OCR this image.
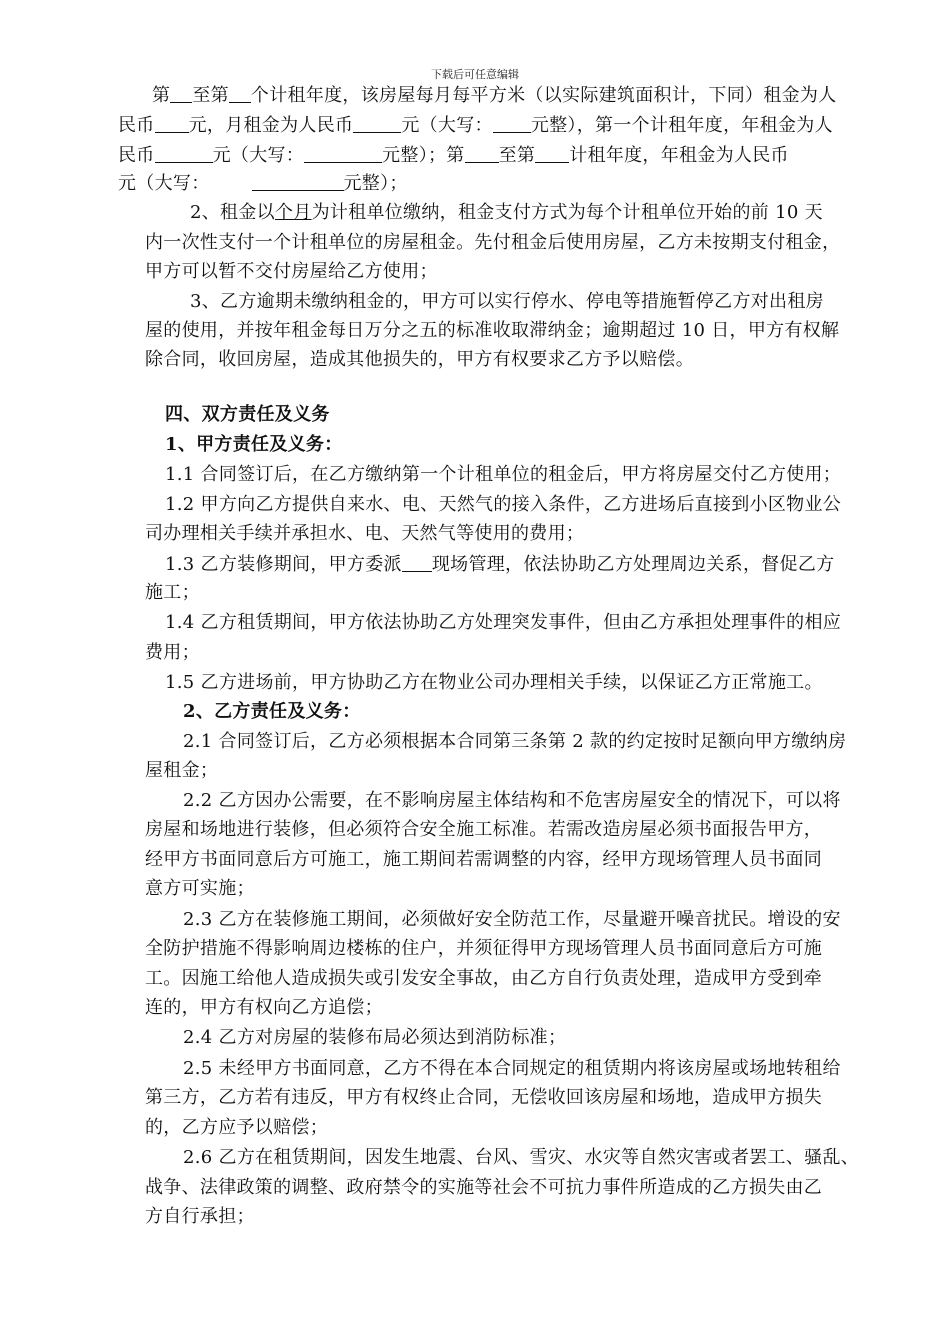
下载后可任意编辑
第 至第 个计租年度，该房屋每月每平方米（以实际建筑面积计，下同）租金为人
民币 元，月租金为人民币	元（大写： 元整），第一个计租年度，年租金为人
民币	元（大写：	元整）；第 至第 计租年度，年租金为人民币
元（大写：	元整）；
2、租金以个月为计租单位缴纳，租金支付方式为每个计租单位开始的前 10 天
内一次性支付一个计租单位的房屋租金。先付租金后使用房屋，乙方未按期支付租金，
甲方可以暂不交付房屋给乙方使用；
3、乙方逾期未缴纳租金的，甲方可以实行停水、停电等措施暂停乙方对出租房
屋的使用，并按年租金每日万分之五的标准收取滞纳金；逾期超过 10 日，甲方有权解
除合同，收回房屋，造成其他损失的，甲方有权要求乙方予以赔偿。
四、双方责任及义务
1、甲方责任及义务：
1.1 合同签订后，在乙方缴纳第一个计租单位的租金后，甲方将房屋交付乙方使用；
1.2 甲方向乙方提供自来水、电、天然气的接入条件，乙方进场后直接到小区物业公
司办理相关手续并承担水、电、天然气等使用的费用；
1.3 乙方装修期间，甲方委派 现场管理，依法协助乙方处理周边关系，督促乙方
施工；
1.4 乙方租赁期间，甲方依法协助乙方处理突发事件，但由乙方承担处理事件的相应
费用；
1.5 乙方进场前，甲方协助乙方在物业公司办理相关手续，以保证乙方正常施工。
2、乙方责任及义务：
2.1 合同签订后，乙方必须根据本合同第三条第 2 款的约定按时足额向甲方缴纳房
屋租金；
2.2 乙方因办公需要，在不影响房屋主体结构和不危害房屋安全的情况下，可以将
房屋和场地进行装修，但必须符合安全施工标准。若需改造房屋必须书面报告甲方，
经甲方书面同意后方可施工，施工期间若需调整的内容，经甲方现场管理人员书面同
意方可实施；
2.3 乙方在装修施工期间，必须做好安全防范工作，尽量避开噪音扰民。增设的安
全防护措施不得影响周边楼栋的住户，并须征得甲方现场管理人员书面同意后方可施
工。因施工给他人造成损失或引发安全事故，由乙方自行负责处理，造成甲方受到牵
连的，甲方有权向乙方追偿；
2.4 乙方对房屋的装修布局必须达到消防标准；
2.5 未经甲方书面同意，乙方不得在本合同规定的租赁期内将该房屋或场地转租给
第三方，乙方若有违反，甲方有权终止合同，无偿收回该房屋和场地，造成甲方损失
的，乙方应予以赔偿；
2.6 乙方在租赁期间，因发生地震、台风、雪灾、水灾等自然灾害或者罢工、骚乱、
战争、法律政策的调整、政府禁令的实施等社会不可抗力事件所造成的乙方损失由乙
方自行承担；
